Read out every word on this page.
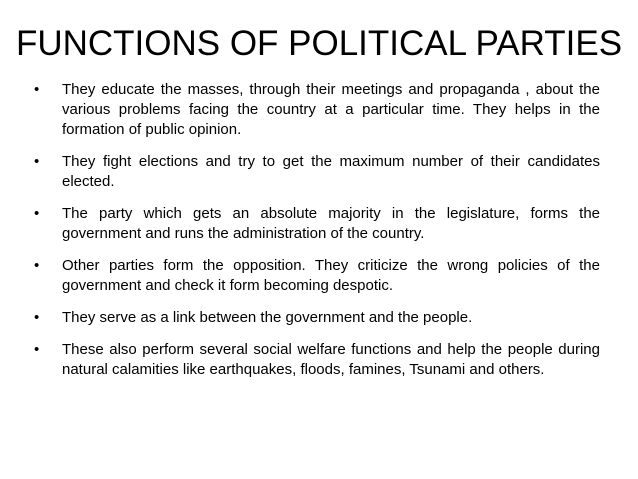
FUNCTIONS OF POLITICAL PARTIES
• They educate the masses, through their meetings and propaganda , about the various problems facing the country at a particular time. They helps in the formation of public opinion.
• They fight elections and try to get the maximum number of their candidates elected.
• The party which gets an absolute majority in the legislature, forms the government and runs the administration of the country.
• Other parties form the opposition. They criticize the wrong policies of the government and check it form becoming despotic.
• They serve as a link between the government and the people.
• These also perform several social welfare functions and help the people during natural calamities like earthquakes, floods, famines, Tsunami and others.
